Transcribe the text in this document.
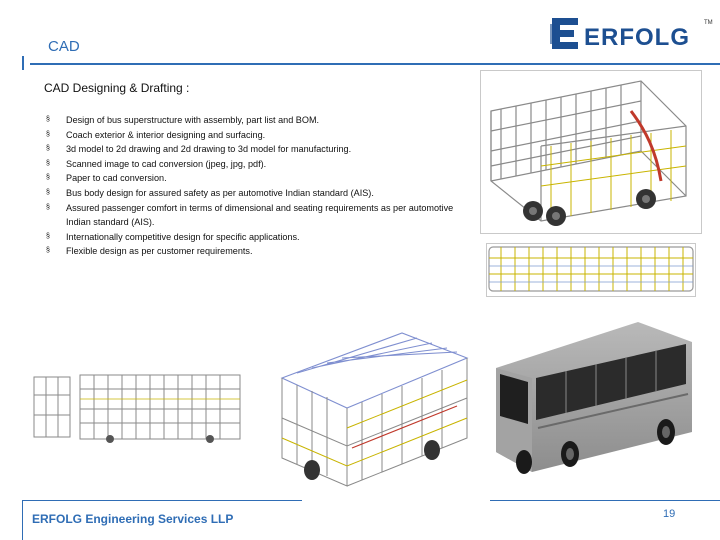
CAD	ERFOLG
TM
CAD Designing & Drafting :
§ Design of bus superstructure with assembly, part list and BOM.
§ Coach exterior & interior designing and surfacing.
§ 3d model to 2d drawing and 2d drawing to 3d model for manufacturing.
§ Scanned image to cad conversion (jpeg, jpg, pdf).
§ Paper to cad conversion.
§ Bus body design for assured safety as per automotive Indian standard (AIS).
§ Assured passenger comfort in terms of dimensional and seating requirements as per automotive Indian standard (AIS).
§ Internationally competitive design for specific applications.
§ Flexible design as per customer requirements.
ERFOLG Engineering Services LLP	19
